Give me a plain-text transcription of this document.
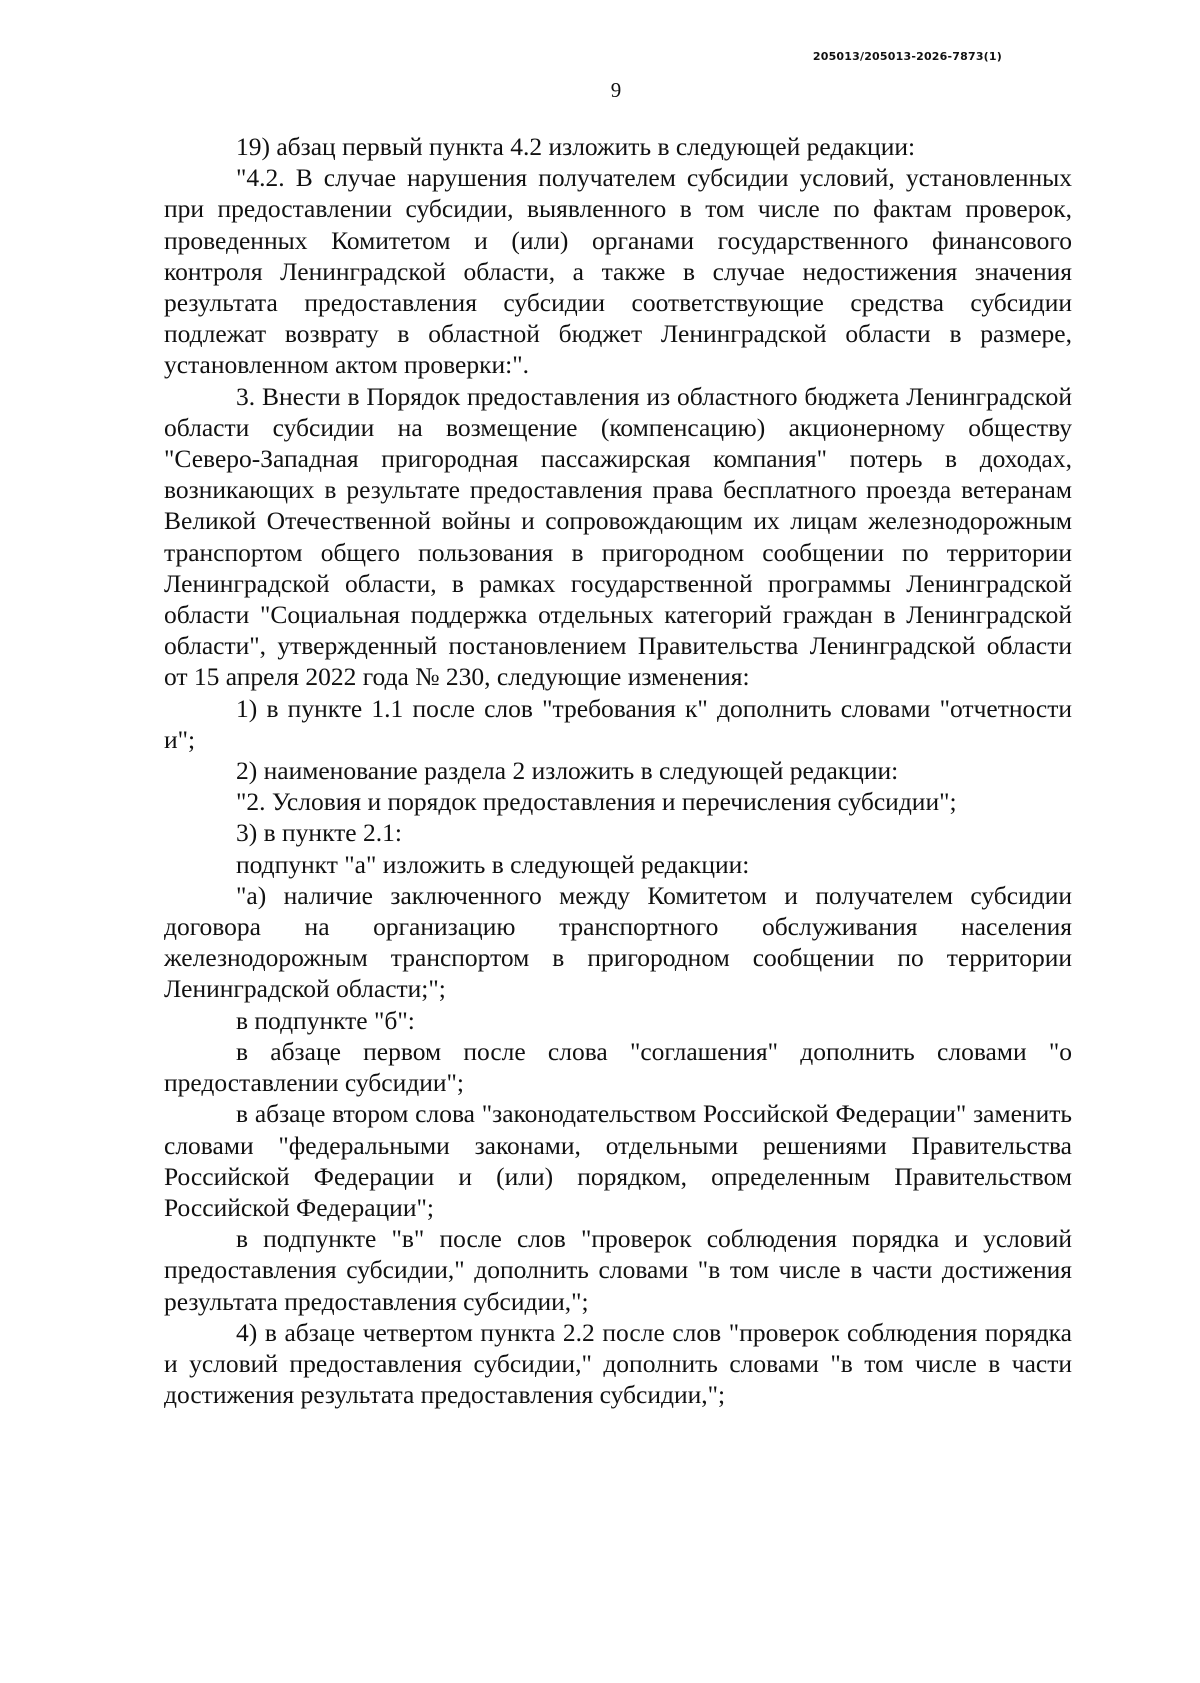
205013/205013-2026-7873(1)
9

19) абзац первый пункта 4.2 изложить в следующей редакции:

"4.2. В случае нарушения получателем субсидии условий, установленных при предоставлении субсидии, выявленного в том числе по фактам проверок, проведенных Комитетом и (или) органами государственного финансового контроля Ленинградской области, а также в случае недостижения значения результата предоставления субсидии соответствующие средства субсидии подлежат возврату в областной бюджет Ленинградской области в размере, установленном актом проверки:".

3. Внести в Порядок предоставления из областного бюджета Ленинградской области субсидии на возмещение (компенсацию) акционерному обществу "Северо-Западная пригородная пассажирская компания" потерь в доходах, возникающих в результате предоставления права бесплатного проезда ветеранам Великой Отечественной войны и сопровождающим их лицам железнодорожным транспортом общего пользования в пригородном сообщении по территории Ленинградской области, в рамках государственной программы Ленинградской области "Социальная поддержка отдельных категорий граждан в Ленинградской области", утвержденный постановлением Правительства Ленинградской области от 15 апреля 2022 года № 230, следующие изменения:

1) в пункте 1.1 после слов "требования к" дополнить словами "отчетности и";

2) наименование раздела 2 изложить в следующей редакции:

"2. Условия и порядок предоставления и перечисления субсидии";

3) в пункте 2.1:

подпункт "а" изложить в следующей редакции:

"а) наличие заключенного между Комитетом и получателем субсидии договора на организацию транспортного обслуживания населения железнодорожным транспортом в пригородном сообщении по территории Ленинградской области;";

в подпункте "б":

в абзаце первом после слова "соглашения" дополнить словами "о предоставлении субсидии";

в абзаце втором слова "законодательством Российской Федерации" заменить словами "федеральными законами, отдельными решениями Правительства Российской Федерации и (или) порядком, определенным Правительством Российской Федерации";

в подпункте "в" после слов "проверок соблюдения порядка и условий предоставления субсидии," дополнить словами "в том числе в части достижения результата предоставления субсидии,";

4) в абзаце четвертом пункта 2.2 после слов "проверок соблюдения порядка и условий предоставления субсидии," дополнить словами "в том числе в части достижения результата предоставления субсидии,";
